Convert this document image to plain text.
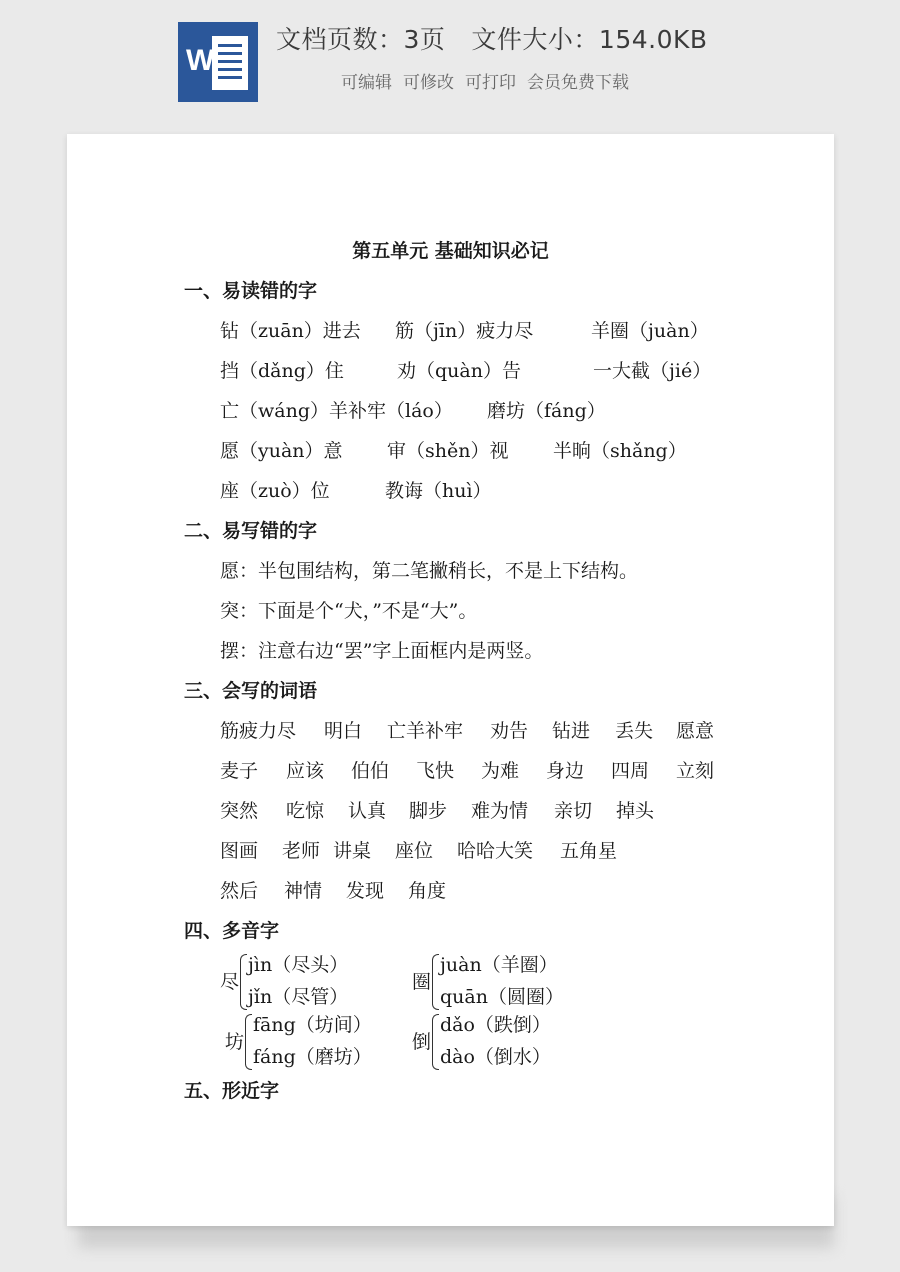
W
文档页数：3页 文件大小：154.0KB
可编辑 可修改 可打印 会员免费下载
第五单元 基础知识必记
一、易读错的字
钻（zuān）进去 筋（jīn）疲力尽	羊圈（juàn）
挡（dǎng）住	劝（quàn）告	一大截（jié）
亡（wáng）羊补牢（láo） 磨坊（fáng）
愿（yuàn）意 审（shěn）视 半晌（shǎng）
座（zuò）位	教诲（huì）
二、易写错的字
愿：半包围结构，第二笔撇稍长，不是上下结构。
突：下面是个“犬，”不是“大”。
摆：注意右边“罢”字上面框内是两竖。
三、会写的词语
筋疲力尽 明白 亡羊补牢 劝告 钻进 丢失 愿意
麦子 应该 伯伯 飞快 为难 身边 四周 立刻
突然 吃惊 认真 脚步 难为情 亲切 掉头
图画 老师 讲桌 座位 哈哈大笑 五角星
然后 神情 发现 角度
四、多音字
尽
jìn（尽头）
jǐn（尽管）
圈
juàn（羊圈）
quān（圆圈）
坊
fāng（坊间）
fáng（磨坊）
倒
dǎo（跌倒）
dào（倒水）
五、形近字
